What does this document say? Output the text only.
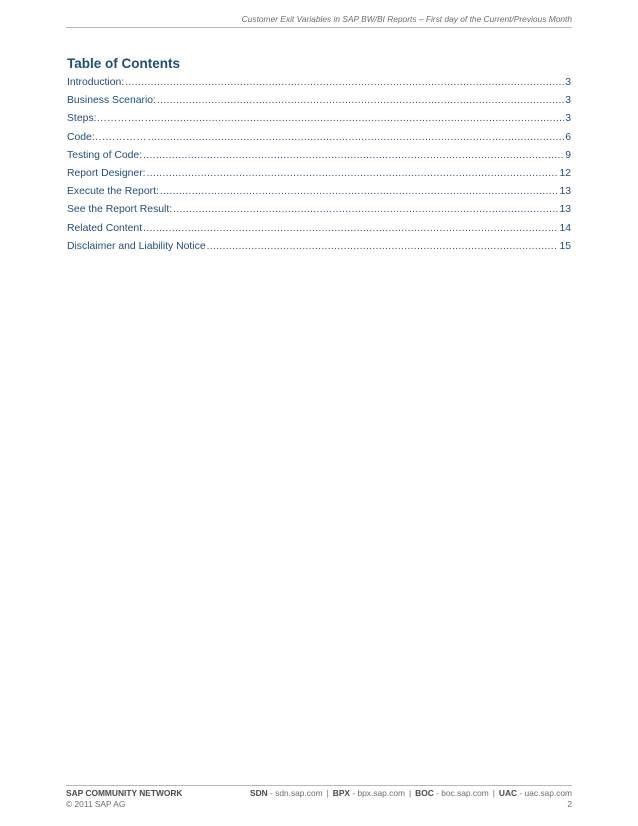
Customer Exit Variables in SAP BW/BI Reports – First day of the Current/Previous Month
Table of Contents
Introduction: .....	3
Business Scenario: .....	3
Steps:………….. .....	3
Code:…………… .....	6
Testing of Code: .....	9
Report Designer: .....	12
Execute the Report: .....	13
See the Report Result: .....	13
Related Content .....	14
Disclaimer and Liability Notice .....	15
SAP COMMUNITY NETWORK	SDN - sdn.sap.com | BPX - bpx.sap.com | BOC - boc.sap.com | UAC - uac.sap.com
© 2011 SAP AG	2
